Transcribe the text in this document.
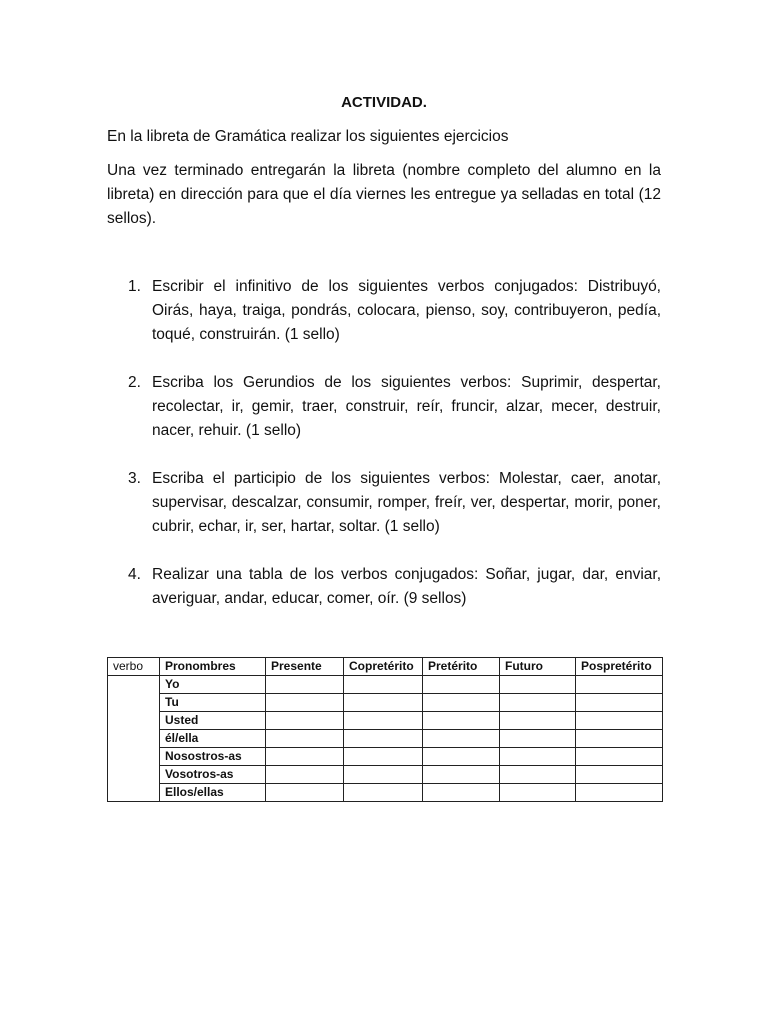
ACTIVIDAD.
En la libreta de Gramática realizar los siguientes ejercicios
Una vez terminado entregarán la libreta (nombre completo del alumno en la libreta) en dirección para que el día viernes les entregue ya selladas en total (12 sellos).
1. Escribir el infinitivo de los siguientes verbos conjugados: Distribuyó, Oirás, haya, traiga, pondrás, colocara, pienso, soy, contribuyeron, pedía, toqué, construirán. (1 sello)
2. Escriba los Gerundios de los siguientes verbos: Suprimir, despertar, recolectar, ir, gemir, traer, construir, reír, fruncir, alzar, mecer, destruir, nacer, rehuir. (1 sello)
3. Escriba el participio de los siguientes verbos: Molestar, caer, anotar, supervisar, descalzar, consumir, romper, freír, ver, despertar, morir, poner, cubrir, echar, ir, ser, hartar, soltar. (1 sello)
4. Realizar una tabla de los verbos conjugados: Soñar, jugar, dar, enviar, averiguar, andar, educar, comer, oír. (9 sellos)
verbo	Pronombres	Presente	Copretérito	Pretérito	Futuro	Pospretérito
	Yo					
	Tu					
	Usted					
	él/ella					
	Nosostros-as					
	Vosotros-as					
	Ellos/ellas					
